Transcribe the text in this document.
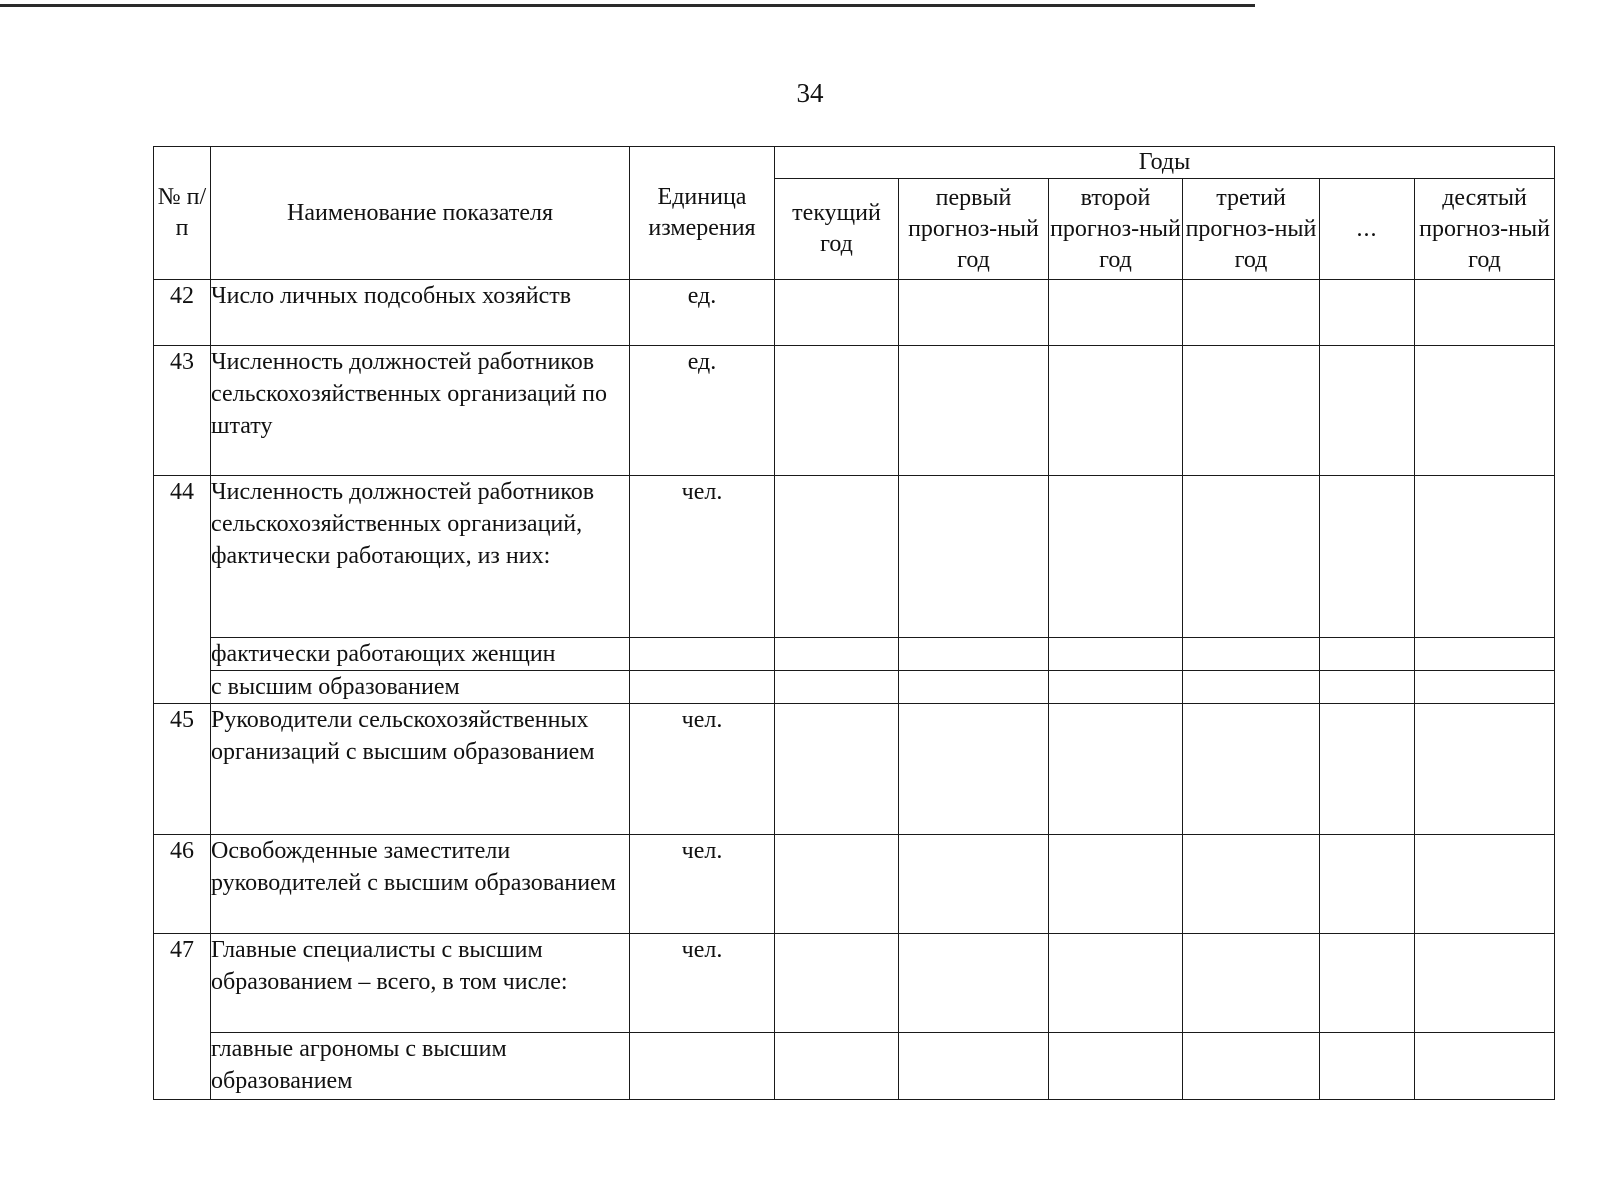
34
№ п/п	Наименование показателя	Единица измерения	Годы					
			текущий год	первый прогноз-ный год	второй прогноз-ный год	третий прогноз-ный год	...	десятый прогноз-ный год
42	Число личных подсобных хозяйств	ед.						
43	Численность должностей работников сельскохозяйственных организаций по штату	ед.						
44	Численность должностей работников сельскохозяйственных организаций, фактически работающих, из них:	чел.						
	фактически работающих женщин							
	с высшим образованием							
45	Руководители сельскохозяйственных организаций с высшим образованием	чел.						
46	Освобожденные заместители руководителей с высшим образованием	чел.						
47	Главные специалисты с высшим образованием – всего, в том числе:	чел.						
	главные агрономы с высшим образованием							
